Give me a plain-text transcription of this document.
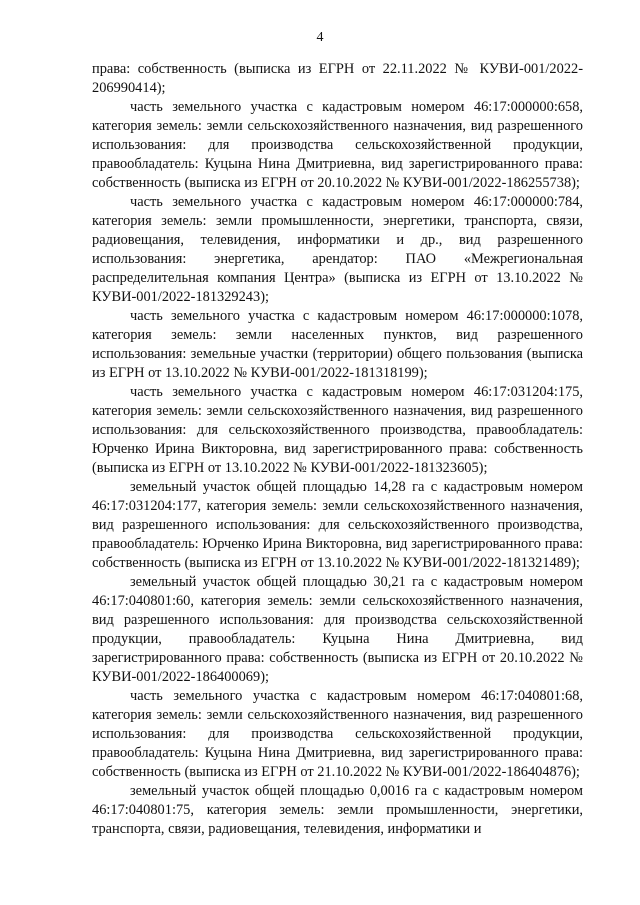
4

права: собственность (выписка из ЕГРН от 22.11.2022 № КУВИ-001/2022-206990414);

часть земельного участка с кадастровым номером 46:17:000000:658, категория земель: земли сельскохозяйственного назначения, вид разрешенного использования: для производства сельскохозяйственной продукции, правообладатель: Куцына Нина Дмитриевна, вид зарегистрированного права: собственность (выписка из ЕГРН от 20.10.2022 № КУВИ-001/2022-186255738);

часть земельного участка с кадастровым номером 46:17:000000:784, категория земель: земли промышленности, энергетики, транспорта, связи, радиовещания, телевидения, информатики и др., вид разрешенного использования: энергетика, арендатор: ПАО «Межрегиональная распределительная компания Центра» (выписка из ЕГРН от 13.10.2022 № КУВИ-001/2022-181329243);

часть земельного участка с кадастровым номером 46:17:000000:1078, категория земель: земли населенных пунктов, вид разрешенного использования: земельные участки (территории) общего пользования (выписка из ЕГРН от 13.10.2022 № КУВИ-001/2022-181318199);

часть земельного участка с кадастровым номером 46:17:031204:175, категория земель: земли сельскохозяйственного назначения, вид разрешенного использования: для сельскохозяйственного производства, правообладатель: Юрченко Ирина Викторовна, вид зарегистрированного права: собственность (выписка из ЕГРН от 13.10.2022 № КУВИ-001/2022-181323605);

земельный участок общей площадью 14,28 га с кадастровым номером 46:17:031204:177, категория земель: земли сельскохозяйственного назначения, вид разрешенного использования: для сельскохозяйственного производства, правообладатель: Юрченко Ирина Викторовна, вид зарегистрированного права: собственность (выписка из ЕГРН от 13.10.2022 № КУВИ-001/2022-181321489);

земельный участок общей площадью 30,21 га с кадастровым номером 46:17:040801:60, категория земель: земли сельскохозяйственного назначения, вид разрешенного использования: для производства сельскохозяйственной продукции, правообладатель: Куцына Нина Дмитриевна, вид зарегистрированного права: собственность (выписка из ЕГРН от 20.10.2022 № КУВИ-001/2022-186400069);

часть земельного участка с кадастровым номером 46:17:040801:68, категория земель: земли сельскохозяйственного назначения, вид разрешенного использования: для производства сельскохозяйственной продукции, правообладатель: Куцына Нина Дмитриевна, вид зарегистрированного права: собственность (выписка из ЕГРН от 21.10.2022 № КУВИ-001/2022-186404876);

земельный участок общей площадью 0,0016 га с кадастровым номером 46:17:040801:75, категория земель: земли промышленности, энергетики, транспорта, связи, радиовещания, телевидения, информатики и
